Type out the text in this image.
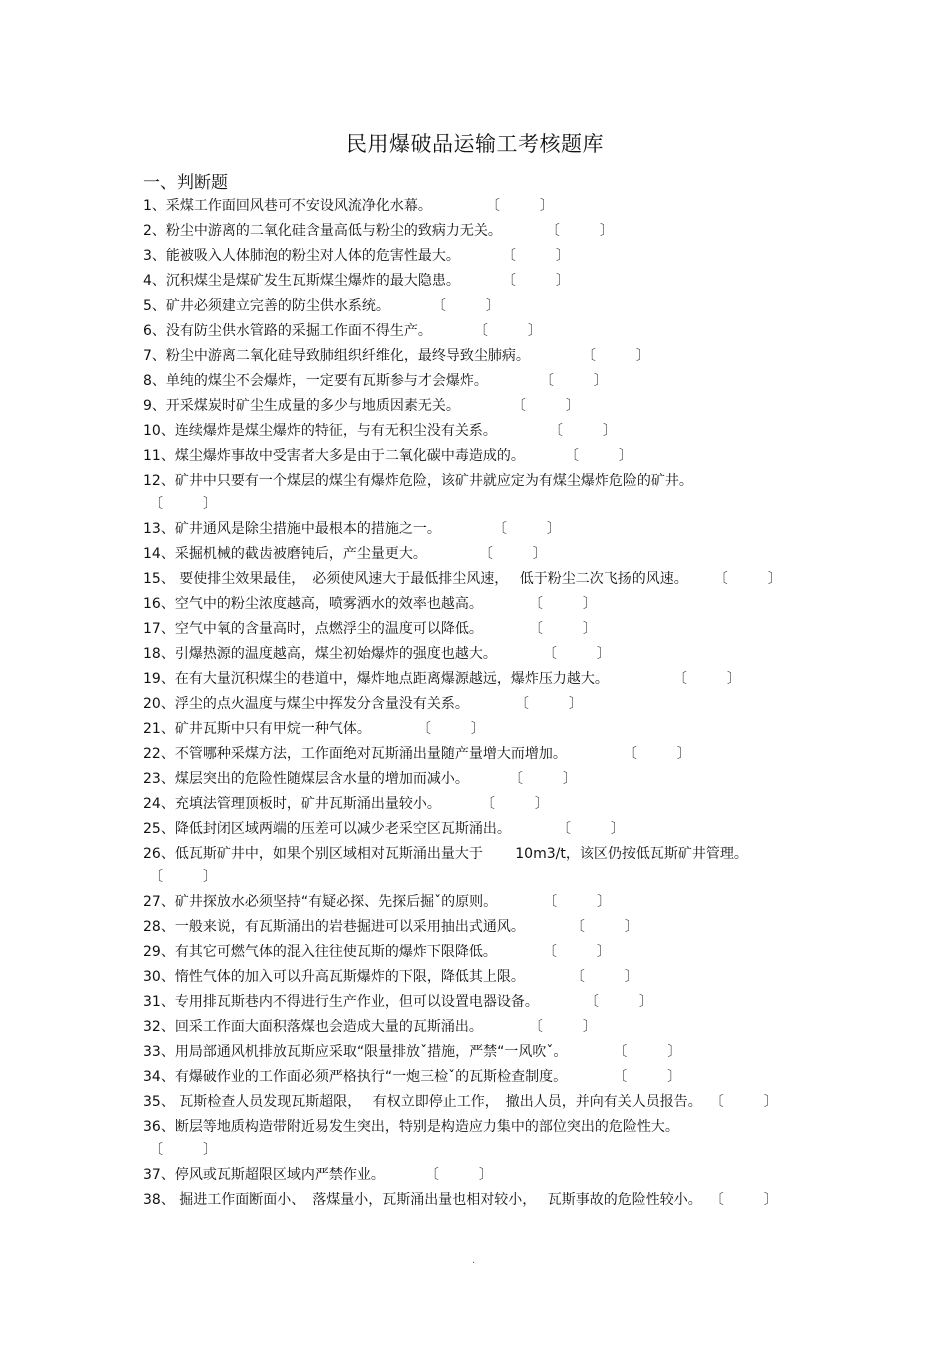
民用爆破品运输工考核题库
一、判断题
1、采煤工作面回风巷可不安设风流净化水幕。	〔	〕
2、粉尘中游离的二氧化硅含量高低与粉尘的致病力无关。	〔	〕
3、能被吸入人体肺泡的粉尘对人体的危害性最大。	〔	〕
4、沉积煤尘是煤矿发生瓦斯煤尘爆炸的最大隐患。	〔	〕
5、矿井必须建立完善的防尘供水系统。	〔	〕
6、没有防尘供水管路的采掘工作面不得生产。	〔	〕
7、粉尘中游离二氧化硅导致肺组织纤维化，最终导致尘肺病。	〔	〕
8、单纯的煤尘不会爆炸，一定要有瓦斯参与才会爆炸。	〔	〕
9、开采煤炭时矿尘生成量的多少与地质因素无关。	〔	〕
10、连续爆炸是煤尘爆炸的特征，与有无积尘没有关系。	〔	〕
11、煤尘爆炸事故中受害者大多是由于二氧化碳中毒造成的。	〔	〕
12、矿井中只要有一个煤层的煤尘有爆炸危险，该矿井就应定为有煤尘爆炸危险的矿井。
〔	〕
13、矿井通风是除尘措施中最根本的措施之一。	〔	〕
14、采掘机械的截齿被磨钝后，产尘量更大。	〔	〕
15、 要使排尘效果最佳，　必须使风速大于最低排尘风速，　 低于粉尘二次飞扬的风速。 〔	〕
16、空气中的粉尘浓度越高，喷雾洒水的效率也越高。	〔	〕
17、空气中氧的含量高时，点燃浮尘的温度可以降低。	〔	〕
18、引爆热源的温度越高，煤尘初始爆炸的强度也越大。	〔	〕
19、在有大量沉积煤尘的巷道中，爆炸地点距离爆源越远，爆炸压力越大。	〔	〕
20、浮尘的点火温度与煤尘中挥发分含量没有关系。	〔	〕
21、矿井瓦斯中只有甲烷一种气体。	〔	〕
22、不管哪种采煤方法，工作面绝对瓦斯涌出量随产量增大而增加。	〔	〕
23、煤层突出的危险性随煤层含水量的增加而减小。	〔	〕
24、充填法管理顶板时，矿井瓦斯涌出量较小。	〔	〕
25、降低封闭区域两端的压差可以减少老采空区瓦斯涌出。	〔	〕
26、低瓦斯矿井中，如果个别区域相对瓦斯涌出量大于　　 10m3/t，该区仍按低瓦斯矿井管理。
〔	〕
27、矿井探放水必须坚持“有疑必探、先探后掘ˇ的原则。	〔	〕
28、一般来说，有瓦斯涌出的岩巷掘进可以采用抽出式通风。	〔	〕
29、有其它可燃气体的混入往往使瓦斯的爆炸下限降低。	〔	〕
30、惰性气体的加入可以升高瓦斯爆炸的下限，降低其上限。	〔	〕
31、专用排瓦斯巷内不得进行生产作业，但可以设置电器设备。	〔	〕
32、回采工作面大面积落煤也会造成大量的瓦斯涌出。	〔	〕
33、用局部通风机排放瓦斯应采取“限量排放ˇ措施，严禁“一风吹ˇ。	〔	〕
34、有爆破作业的工作面必须严格执行“一炮三检ˇ的瓦斯检查制度。	〔	〕
35、 瓦斯检查人员发现瓦斯超限，　 有权立即停止工作，　撤出人员，并向有关人员报告。 〔	〕
36、断层等地质构造带附近易发生突出，特别是构造应力集中的部位突出的危险性大。
〔	〕
37、停风或瓦斯超限区域内严禁作业。	〔	〕
38、 掘进工作面断面小、　落煤量小，瓦斯涌出量也相对较小，　 瓦斯事故的危险性较小。 〔	〕
.
